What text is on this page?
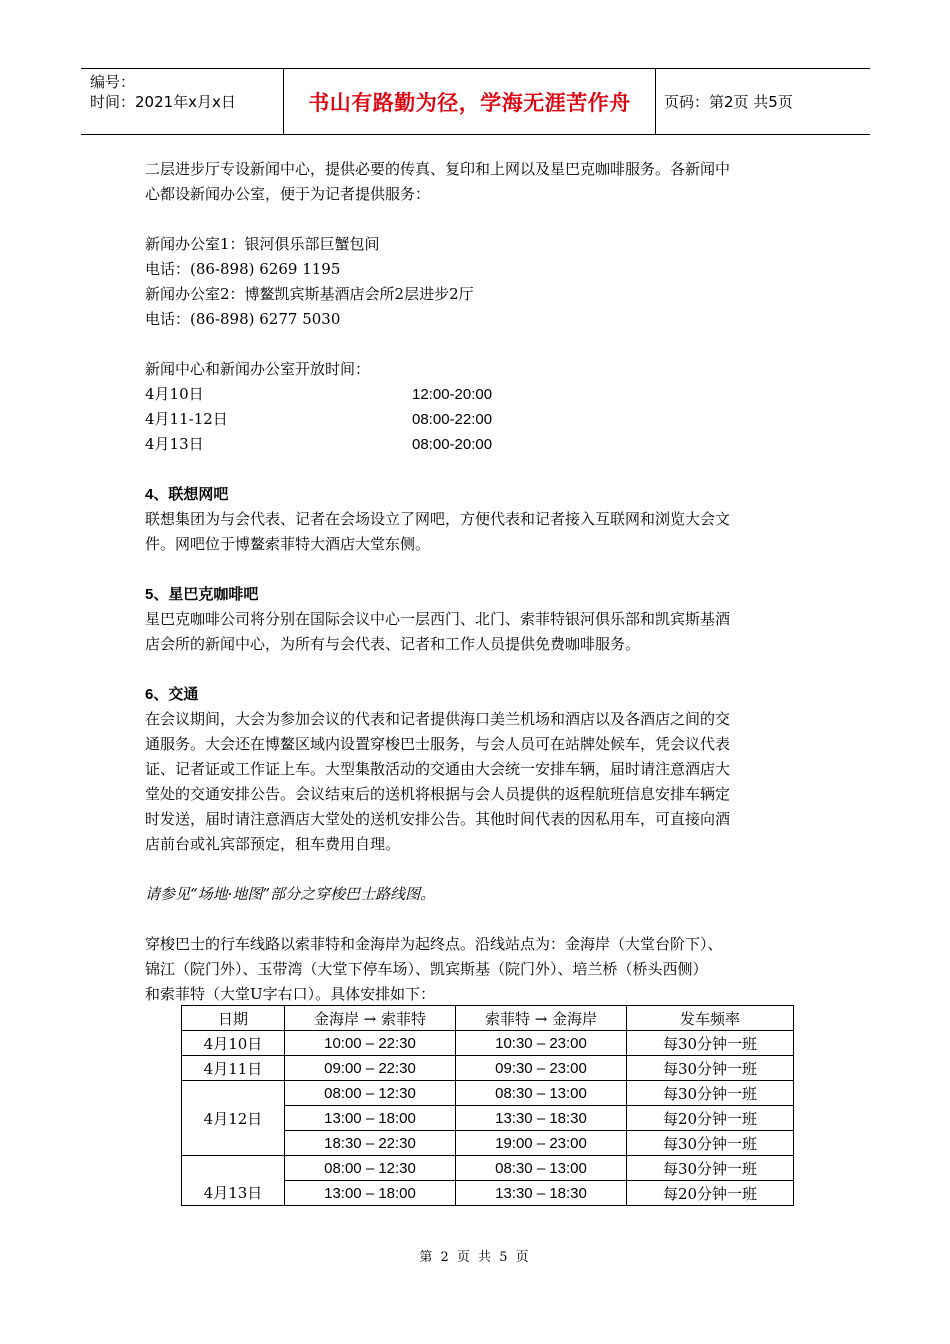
编号：
时间：2021年x月x日	书山有路勤为径，学海无涯苦作舟 页码：第2页 共5页

二层进步厅专设新闻中心，提供必要的传真、复印和上网以及星巴克咖啡服务。各新闻中

心都设新闻办公室，便于为记者提供服务：

新闻办公室1：银河俱乐部巨蟹包间

电话：(86-898) 6269 1195

新闻办公室2：博鳌凯宾斯基酒店会所2层进步2厅

电话：(86-898) 6277 5030

新闻中心和新闻办公室开放时间：

4月10日	12:00-20:00
4月11-12日	08:00-22:00
4月13日	08:00-20:00

4、联想网吧

联想集团为与会代表、记者在会场设立了网吧，方便代表和记者接入互联网和浏览大会文

件。网吧位于博鳌索菲特大酒店大堂东侧。

5、星巴克咖啡吧

星巴克咖啡公司将分别在国际会议中心一层西门、北门、索菲特银河俱乐部和凯宾斯基酒

店会所的新闻中心，为所有与会代表、记者和工作人员提供免费咖啡服务。

6、交通

在会议期间，大会为参加会议的代表和记者提供海口美兰机场和酒店以及各酒店之间的交

通服务。大会还在博鳌区域内设置穿梭巴士服务，与会人员可在站牌处候车，凭会议代表

证、记者证或工作证上车。大型集散活动的交通由大会统一安排车辆，届时请注意酒店大

堂处的交通安排公告。会议结束后的送机将根据与会人员提供的返程航班信息安排车辆定

时发送，届时请注意酒店大堂处的送机安排公告。其他时间代表的因私用车，可直接向酒

店前台或礼宾部预定，租车费用自理。

请参见“场地·地图”部分之穿梭巴士路线图。

穿梭巴士的行车线路以索菲特和金海岸为起终点。沿线站点为：金海岸（大堂台阶下）、

锦江（院门外）、玉带湾（大堂下停车场）、凯宾斯基（院门外）、培兰桥（桥头西侧）

和索菲特（大堂U字右口）。具体安排如下：

日期	金海岸 → 索菲特	索菲特 → 金海岸	发车频率
4月10日	10:00 – 22:30	10:30 – 23:00	每30分钟一班
4月11日	09:00 – 22:30	09:30 – 23:00	每30分钟一班
4月12日	08:00 – 12:30	08:30 – 13:00	每30分钟一班
	13:00 – 18:00	13:30 – 18:30	每20分钟一班
	18:30 – 22:30	19:00 – 23:00	每30分钟一班
4月13日	08:00 – 12:30	08:30 – 13:00	每30分钟一班
	13:00 – 18:00	13:30 – 18:30	每20分钟一班
第 2 页 共 5 页
